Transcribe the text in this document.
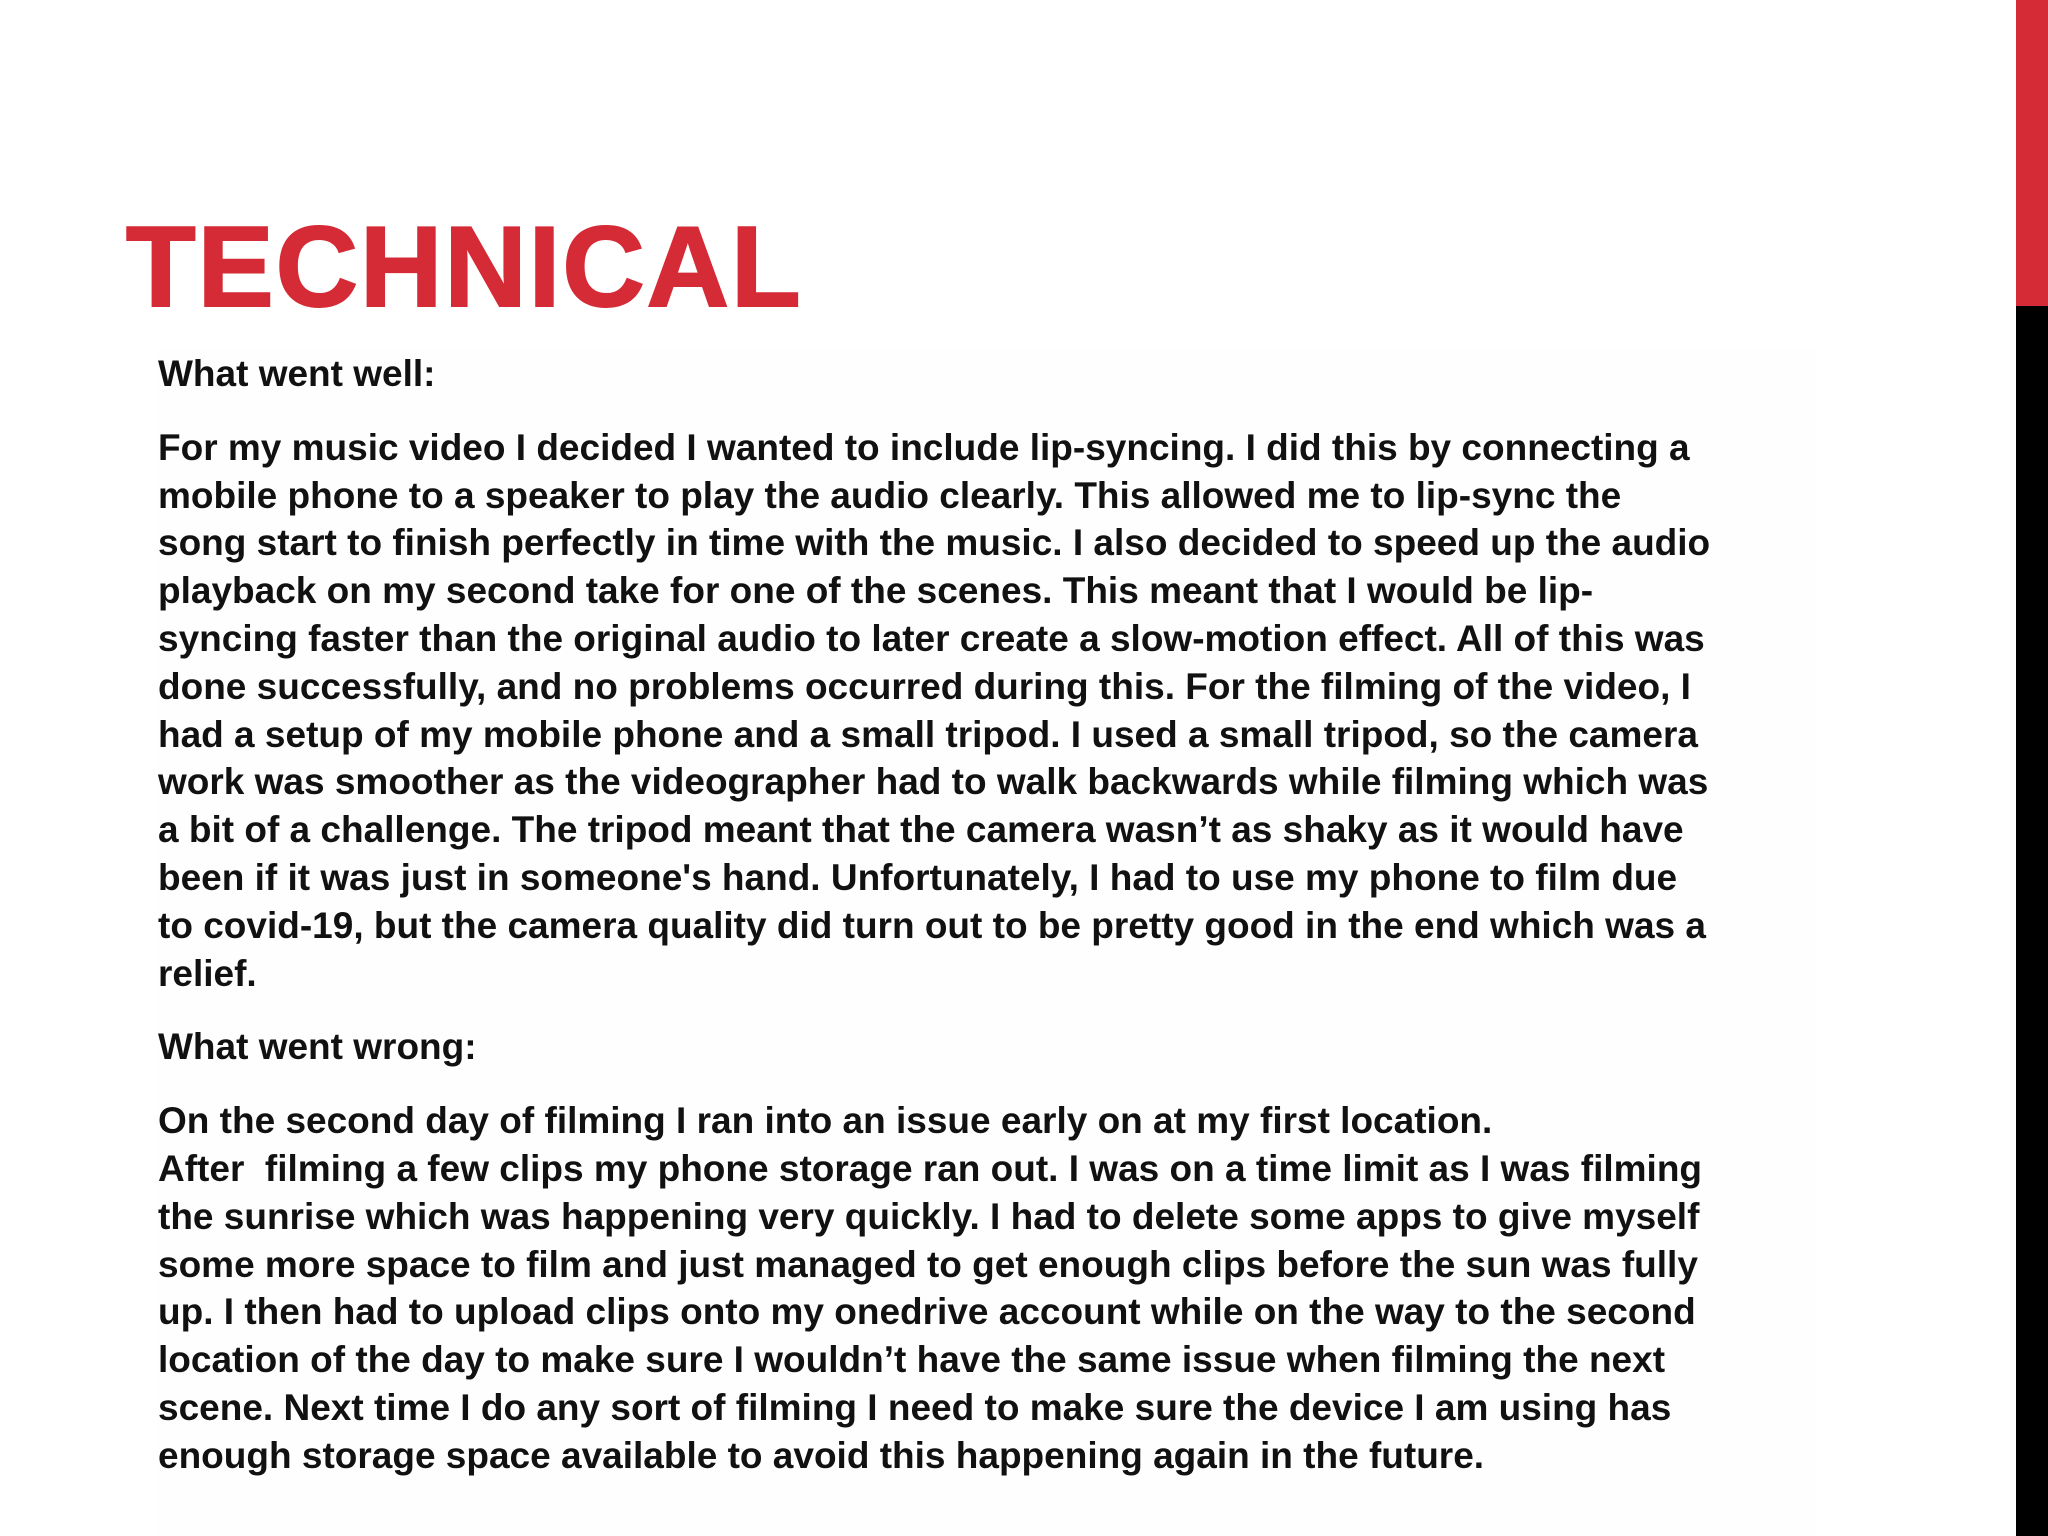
TECHNICAL

What went well:

For my music video I decided I wanted to include lip-syncing. I did this by connecting a
mobile phone to a speaker to play the audio clearly. This allowed me to lip-sync the
song start to finish perfectly in time with the music. I also decided to speed up the audio
playback on my second take for one of the scenes. This meant that I would be lip-
syncing faster than the original audio to later create a slow-motion effect. All of this was
done successfully, and no problems occurred during this. For the filming of the video, I
had a setup of my mobile phone and a small tripod. I used a small tripod, so the camera
work was smoother as the videographer had to walk backwards while filming which was
a bit of a challenge. The tripod meant that the camera wasn’t as shaky as it would have
been if it was just in someone's hand. Unfortunately, I had to use my phone to film due
to covid-19, but the camera quality did turn out to be pretty good in the end which was a
relief.

What went wrong:

On the second day of filming I ran into an issue early on at my first location.
After  filming a few clips my phone storage ran out. I was on a time limit as I was filming
the sunrise which was happening very quickly. I had to delete some apps to give myself
some more space to film and just managed to get enough clips before the sun was fully
up. I then had to upload clips onto my onedrive account while on the way to the second
location of the day to make sure I wouldn’t have the same issue when filming the next
scene. Next time I do any sort of filming I need to make sure the device I am using has
enough storage space available to avoid this happening again in the future.
